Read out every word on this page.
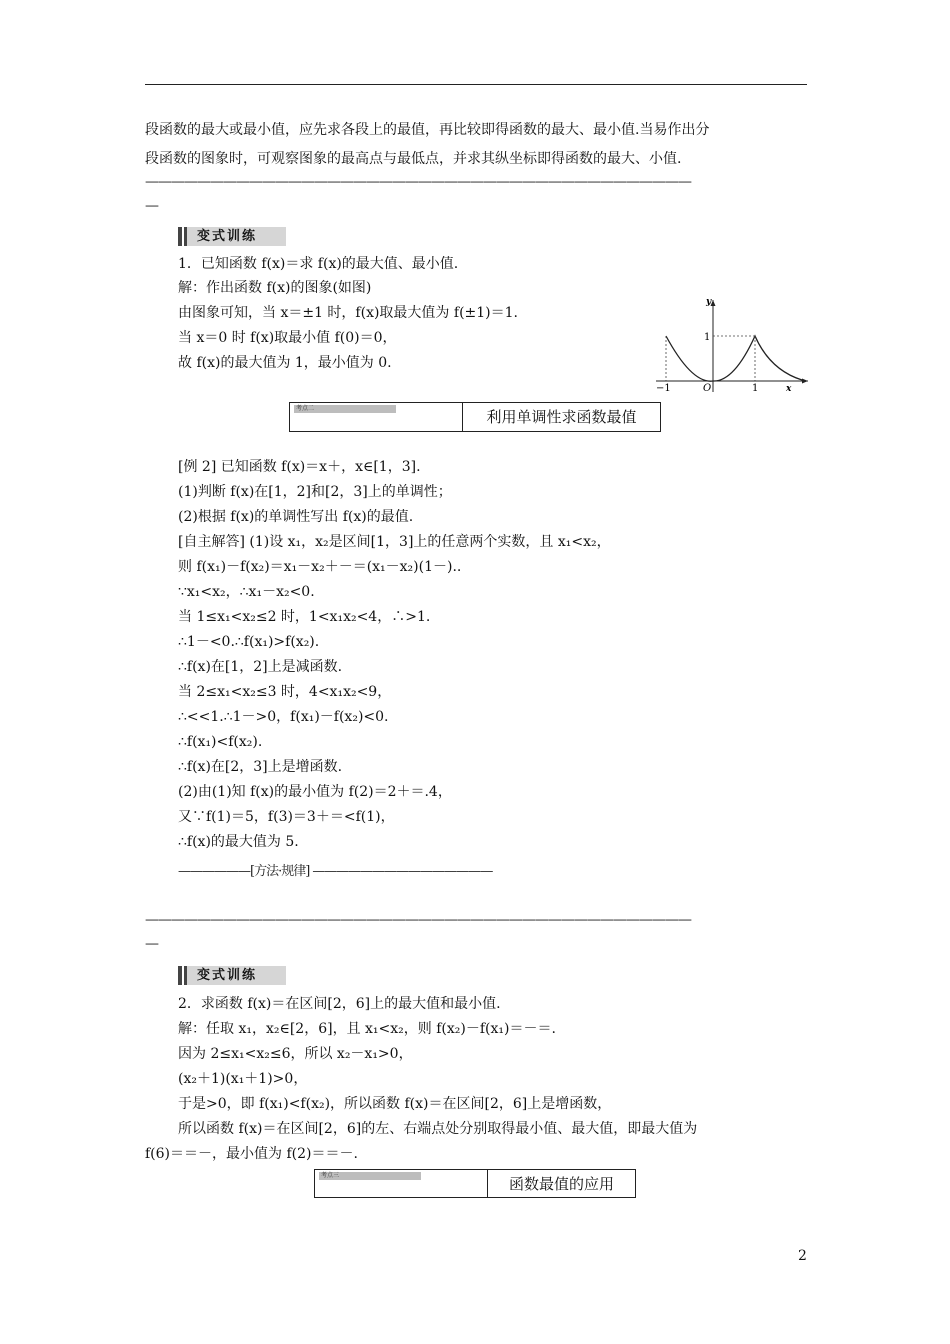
段函数的最大或最小值，应先求各段上的最值，再比较即得函数的最大、最小值.当易作出分
段函数的图象时，可观察图象的最高点与最低点，并求其纵坐标即得函数的最大、小值.
——————————————————————————————————————————
—
变式训练
1．已知函数 f(x)＝求 f(x)的最大值、最小值.
解：作出函数 f(x)的图象(如图)
由图象可知，当 x＝±1 时，f(x)取最大值为 f(±1)＝1.
当 x＝0 时 f(x)取最小值 f(0)＝0，
故 f(x)的最大值为 1，最小值为 0.
y
x
1
−1	O	1
考点二	利用单调性求函数最值
[例 2] 已知函数 f(x)＝x＋，x∈[1，3].
(1)判断 f(x)在[1，2]和[2，3]上的单调性；
(2)根据 f(x)的单调性写出 f(x)的最值.
[自主解答] (1)设 x₁，x₂是区间[1，3]上的任意两个实数，且 x₁<x₂，
则 f(x₁)－f(x₂)＝x₁－x₂＋－＝(x₁－x₂)(1－)..
∵x₁<x₂，∴x₁－x₂<0.
当 1≤x₁<x₂≤2 时，1<x₁x₂<4，∴>1.
∴1－<0.∴f(x₁)>f(x₂).
∴f(x)在[1，2]上是减函数.
当 2≤x₁<x₂≤3 时，4<x₁x₂<9，
∴<<1.∴1－>0，f(x₁)－f(x₂)<0.
∴f(x₁)<f(x₂).
∴f(x)在[2，3]上是增函数.
(2)由(1)知 f(x)的最小值为 f(2)＝2＋＝.4，
又∵f(1)＝5，f(3)＝3＋＝<f(1)，
∴f(x)的最大值为 5.
——————[方法·规律] ———————————————
——————————————————————————————————————————
—
变式训练
2．求函数 f(x)＝在区间[2，6]上的最大值和最小值.
解：任取 x₁，x₂∈[2，6]，且 x₁<x₂，则 f(x₂)－f(x₁)＝－＝.
因为 2≤x₁<x₂≤6，所以 x₂－x₁>0，
(x₂＋1)(x₁＋1)>0，
于是>0，即 f(x₁)<f(x₂)，所以函数 f(x)＝在区间[2，6]上是增函数，
所以函数 f(x)＝在区间[2，6]的左、右端点处分别取得最小值、最大值，即最大值为
f(6)＝＝－，最小值为 f(2)＝＝－.
考点三	函数最值的应用
2
